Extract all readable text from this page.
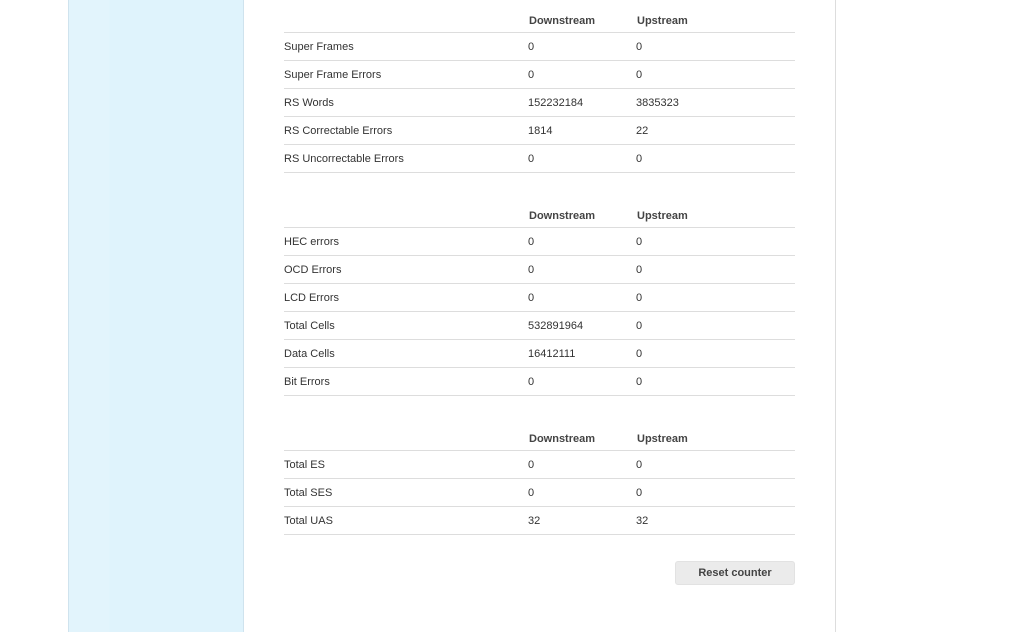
	Downstream	Upstream
Super Frames	0	0
Super Frame Errors	0	0
RS Words	152232184	3835323
RS Correctable Errors	1814	22
RS Uncorrectable Errors	0	0
	Downstream	Upstream
HEC errors	0	0
OCD Errors	0	0
LCD Errors	0	0
Total Cells	532891964	0
Data Cells	16412111	0
Bit Errors	0	0
	Downstream	Upstream
Total ES	0	0
Total SES	0	0
Total UAS	32	32
Reset counter
